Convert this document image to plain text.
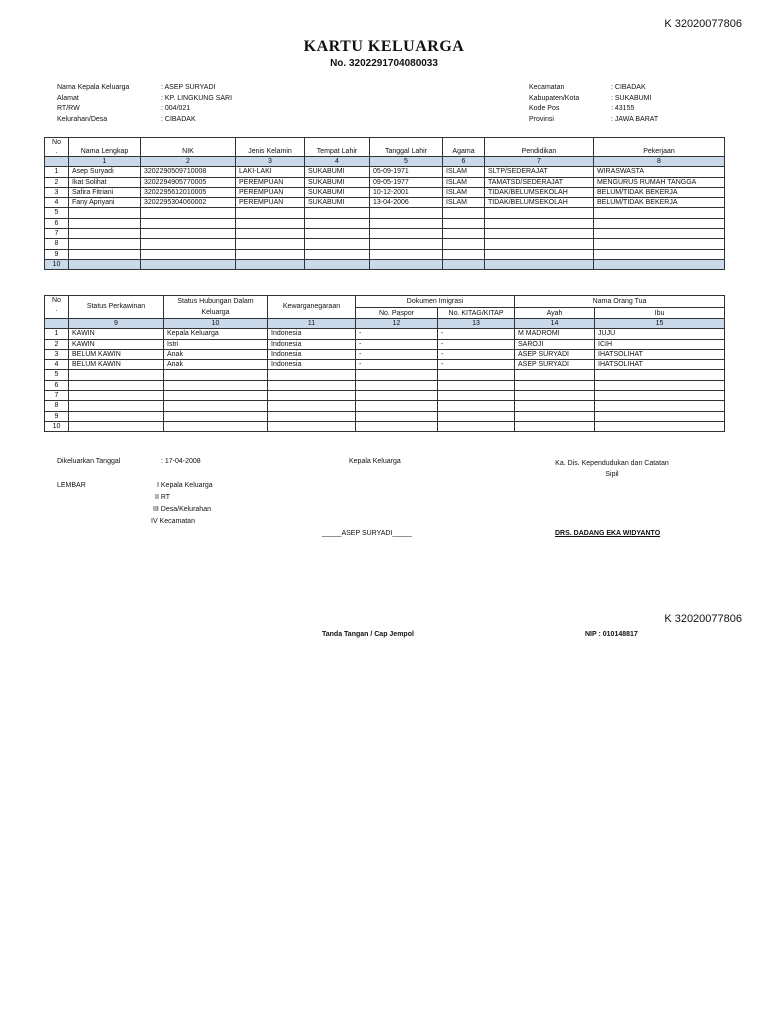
K 32020077806
KARTU KELUARGA
No. 3202291704080033
Nama Kepala Keluarga	: ASEP SURYADI
Alamat	: KP. LINGKUNG SARI
RT/RW	: 004/021
Kelurahan/Desa	: CIBADAK
Kecamatan	: CIBADAK
Kabupaten/Kota	: SUKABUMI
Kode Pos	: 43155
Provinsi	: JAWA BARAT
No
.	Nama Lengkap	NIK	Jenis Kelamin	Tempat Lahir	Tanggal Lahir	Agama	Pendidikan	Pekerjaan
	1	2	3	4	5	6	7	8
1	Asep Suryadi	3202290509710008	LAKI-LAKI	SUKABUMI	05-09-1971	ISLAM	SLTP/SEDERAJAT	WIRASWASTA
2	Ikat Solihat	3202294905770005	PEREMPUAN	SUKABUMI	09-05-1977	ISLAM	TAMATSD/SEDERAJAT	MENGURUS RUMAH TANGGA
3	Safira Fitriani	3202295612010005	PEREMPUAN	SUKABUMI	10-12-2001	ISLAM	TIDAK/BELUMSEKOLAH	BELUM/TIDAK BEKERJA
4	Fany Apriyani	3202295304060002	PEREMPUAN	SUKABUMI	13-04-2006	ISLAM	TIDAK/BELUMSEKOLAH	BELUM/TIDAK BEKERJA
5								
6								
7								
8								
9								
10								
No
.	Status Perkawinan	Status Hubungan Dalam Keluarga	Kewarganegaraan	Dokumen Imigrasi		Nama Orang Tua	
				No. Paspor	No. KITAG/KITAP	Ayah	Ibu
	9	10	11	12	13	14	15
1	KAWIN	Kepala Keluarga	Indonesia	-	-	M MADROMI	JUJU
2	KAWIN	Istri	Indonesia	-	-	SAROJI	ICIH
3	BELUM KAWIN	Anak	Indonesia	-	-	ASEP SURYADI	IHATSOLIHAT
4	BELUM KAWIN	Anak	Indonesia	-	-	ASEP SURYADI	IHATSOLIHAT
5							
6							
7							
8							
9							
10							
Dikeluarkan Tanggal	: 17-04-2008	Kepala Keluarga	Ka. Dis. Kependudukan dan Catatan
Sipil
LEMBAR	I Kepala Keluarga
II RT
III Desa/Kelurahan
IV Kecamatan
_____ASEP SURYADI_____	DRS. DADANG EKA WIDYANTO
K 32020077806
Tanda Tangan / Cap Jempol	NIP : 010148817
